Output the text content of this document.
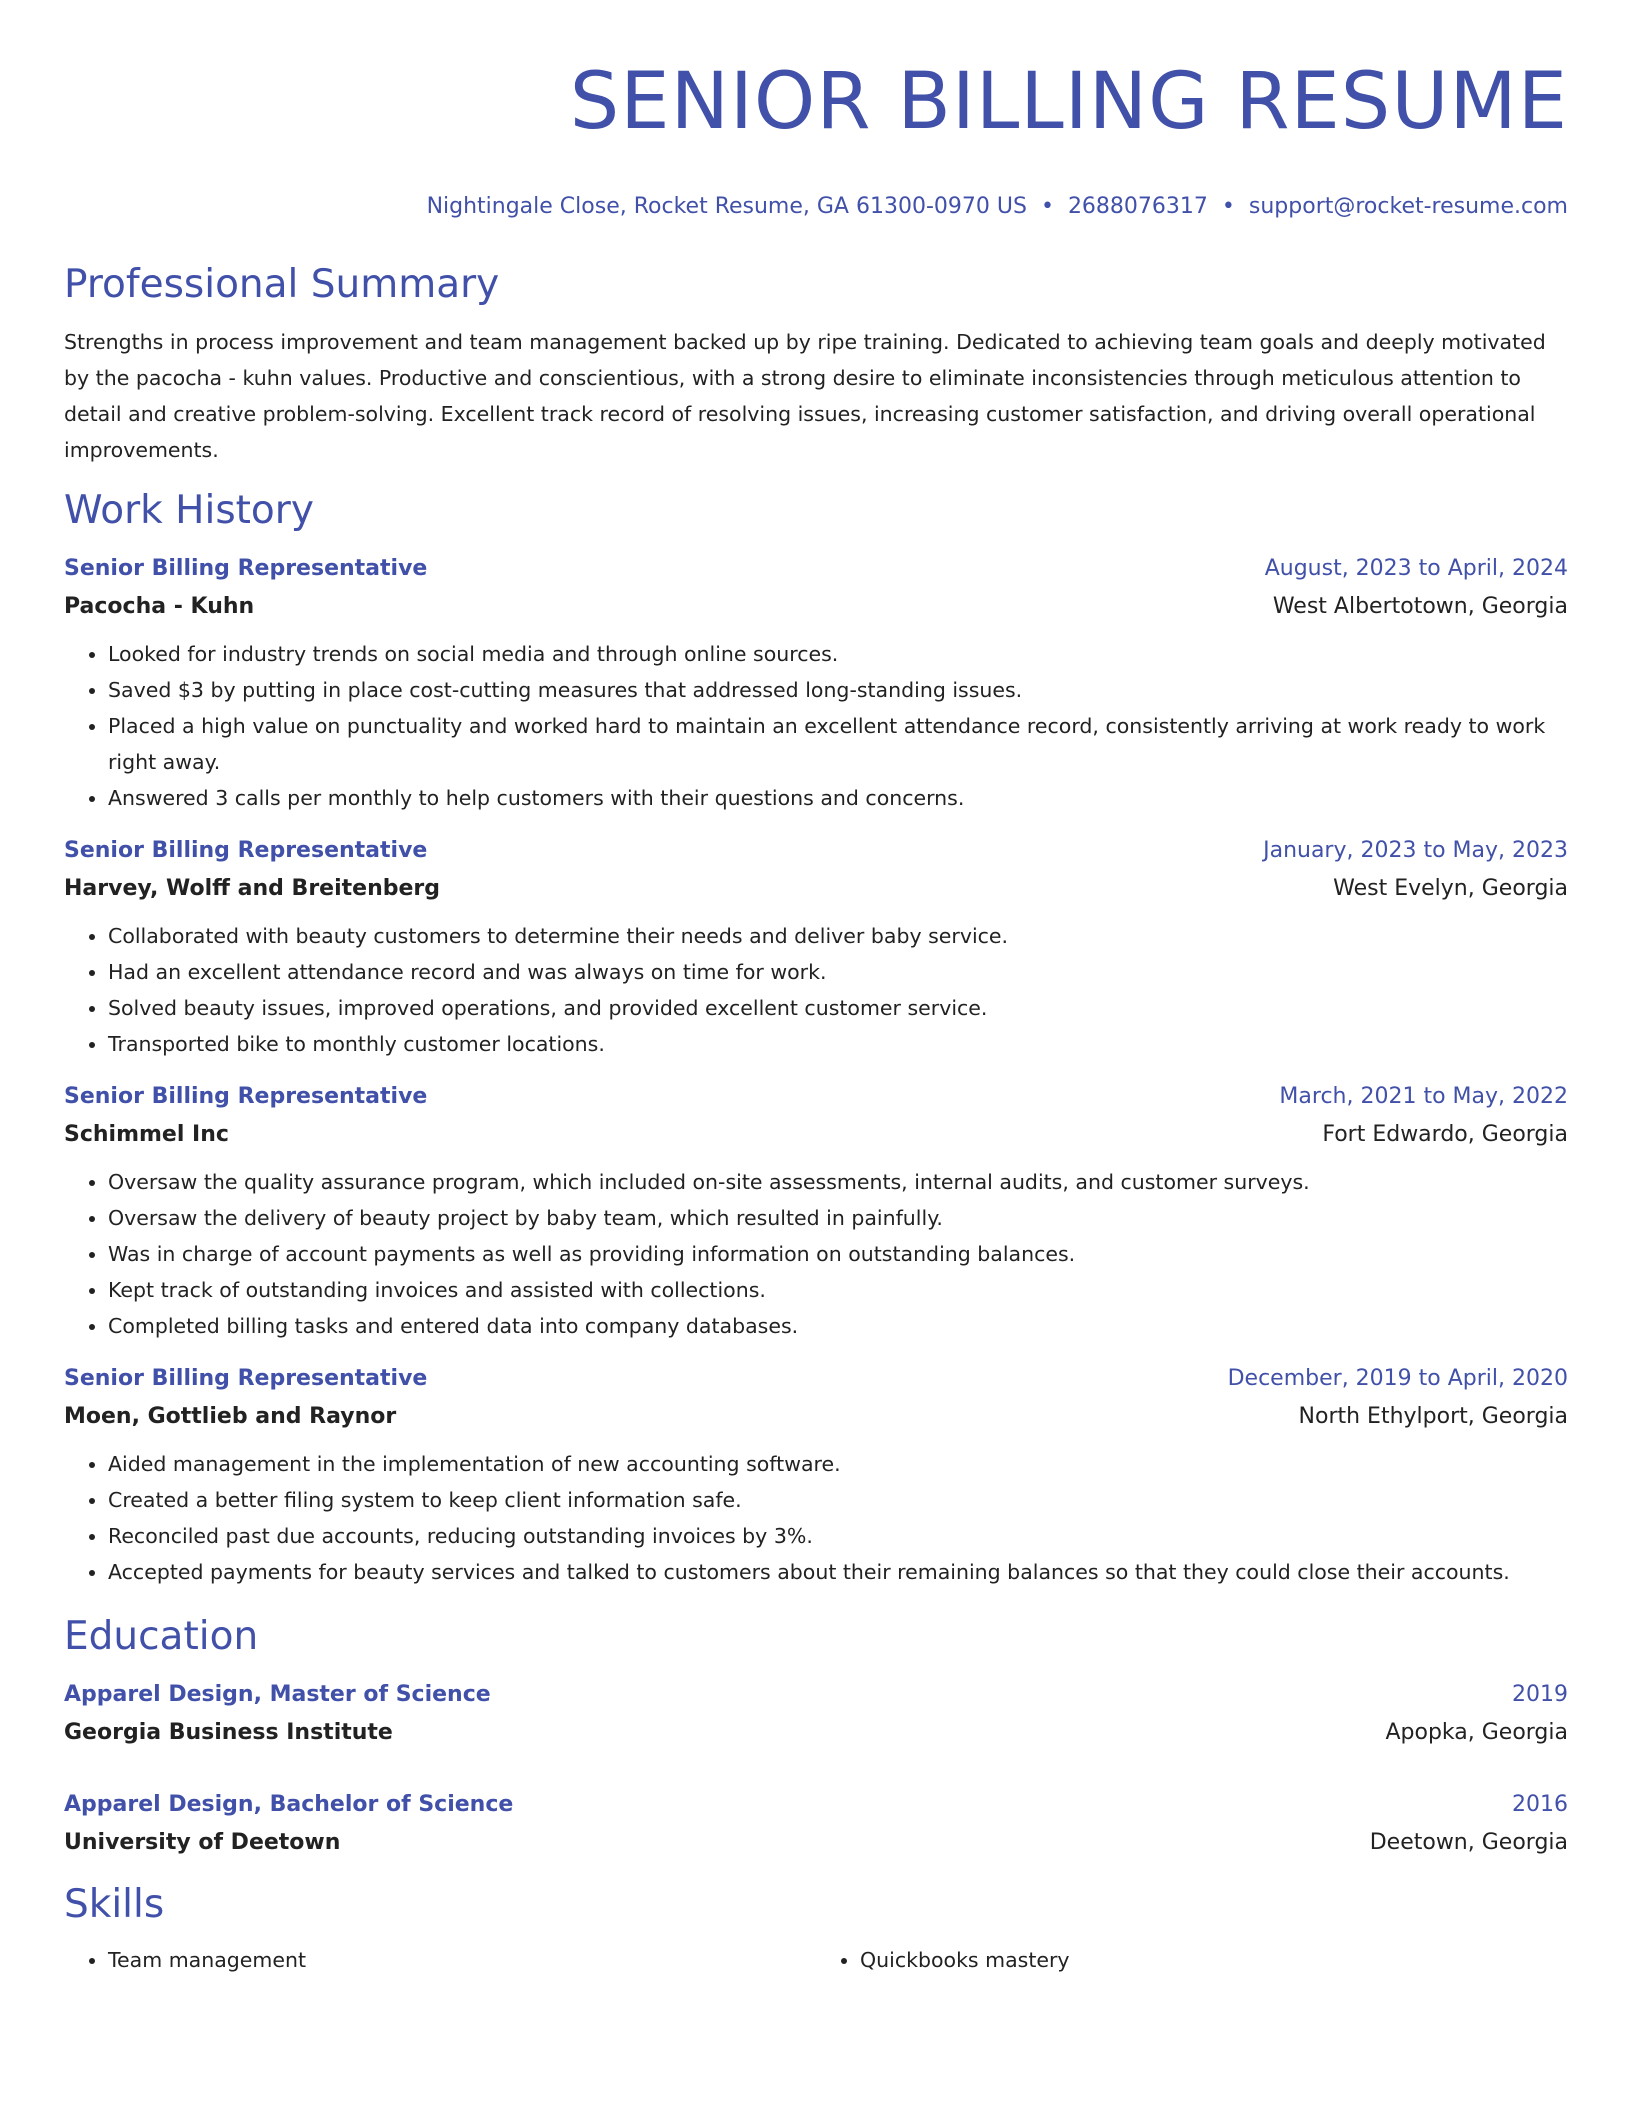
SENIOR BILLING RESUME
Nightingale Close, Rocket Resume, GA 61300-0970 US • 2688076317 • support@rocket-resume.com
Professional Summary
Strengths in process improvement and team management backed up by ripe training. Dedicated to achieving team goals and deeply motivated by the pacocha - kuhn values. Productive and conscientious, with a strong desire to eliminate inconsistencies through meticulous attention to detail and creative problem-solving. Excellent track record of resolving issues, increasing customer satisfaction, and driving overall operational improvements.
Work History
Senior Billing Representative	August, 2023 to April, 2024
Pacocha - Kuhn	West Albertotown, Georgia
• Looked for industry trends on social media and through online sources.
• Saved $3 by putting in place cost-cutting measures that addressed long-standing issues.
• Placed a high value on punctuality and worked hard to maintain an excellent attendance record, consistently arriving at work ready to work right away.
• Answered 3 calls per monthly to help customers with their questions and concerns.
Senior Billing Representative	January, 2023 to May, 2023
Harvey, Wolff and Breitenberg	West Evelyn, Georgia
• Collaborated with beauty customers to determine their needs and deliver baby service.
• Had an excellent attendance record and was always on time for work.
• Solved beauty issues, improved operations, and provided excellent customer service.
• Transported bike to monthly customer locations.
Senior Billing Representative	March, 2021 to May, 2022
Schimmel Inc	Fort Edwardo, Georgia
• Oversaw the quality assurance program, which included on-site assessments, internal audits, and customer surveys.
• Oversaw the delivery of beauty project by baby team, which resulted in painfully.
• Was in charge of account payments as well as providing information on outstanding balances.
• Kept track of outstanding invoices and assisted with collections.
• Completed billing tasks and entered data into company databases.
Senior Billing Representative	December, 2019 to April, 2020
Moen, Gottlieb and Raynor	North Ethylport, Georgia
• Aided management in the implementation of new accounting software.
• Created a better filing system to keep client information safe.
• Reconciled past due accounts, reducing outstanding invoices by 3%.
• Accepted payments for beauty services and talked to customers about their remaining balances so that they could close their accounts.
Education
Apparel Design, Master of Science	2019
Georgia Business Institute	Apopka, Georgia
Apparel Design, Bachelor of Science	2016
University of Deetown	Deetown, Georgia
Skills
• Team management
•	Quickbooks mastery
